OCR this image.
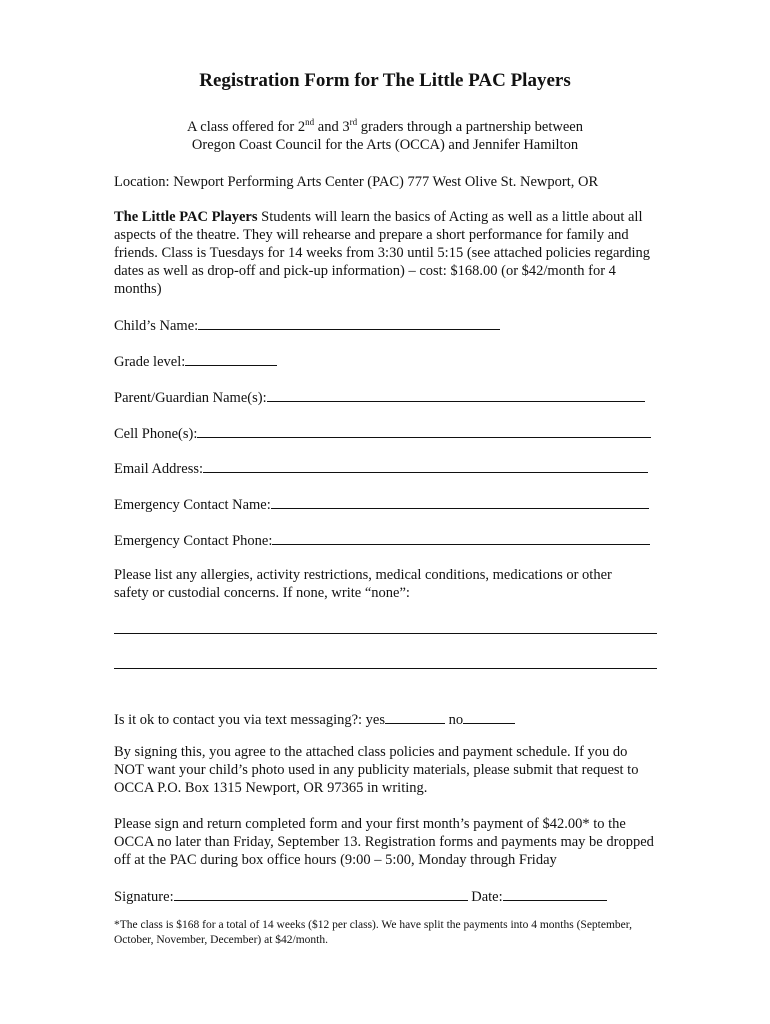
Registration Form for The Little PAC Players
A class offered for 2nd and 3rd graders through a partnership between
Oregon Coast Council for the Arts (OCCA) and Jennifer Hamilton
Location: Newport Performing Arts Center (PAC) 777 West Olive St. Newport, OR
The Little PAC Players Students will learn the basics of Acting as well as a little about all aspects of the theatre. They will rehearse and prepare a short performance for family and friends. Class is Tuesdays for 14 weeks from 3:30 until 5:15 (see attached policies regarding dates as well as drop-off and pick-up information) – cost: $168.00 (or $42/month for 4 months)
Child’s Name:
Grade level:
Parent/Guardian Name(s):
Cell Phone(s):
Email Address:
Emergency Contact Name:
Emergency Contact Phone:
Please list any allergies, activity restrictions, medical conditions, medications or other safety or custodial concerns. If none, write “none”:
Is it ok to contact you via text messaging?: yes	no
By signing this, you agree to the attached class policies and payment schedule. If you do NOT want your child’s photo used in any publicity materials, please submit that request to OCCA P.O. Box 1315 Newport, OR 97365 in writing.
Please sign and return completed form and your first month’s payment of $42.00* to the OCCA no later than Friday, September 13. Registration forms and payments may be dropped off at the PAC during box office hours (9:00 – 5:00, Monday through Friday
Signature:	Date:
*The class is $168 for a total of 14 weeks ($12 per class). We have split the payments into 4 months (September, October, November, December) at $42/month.
